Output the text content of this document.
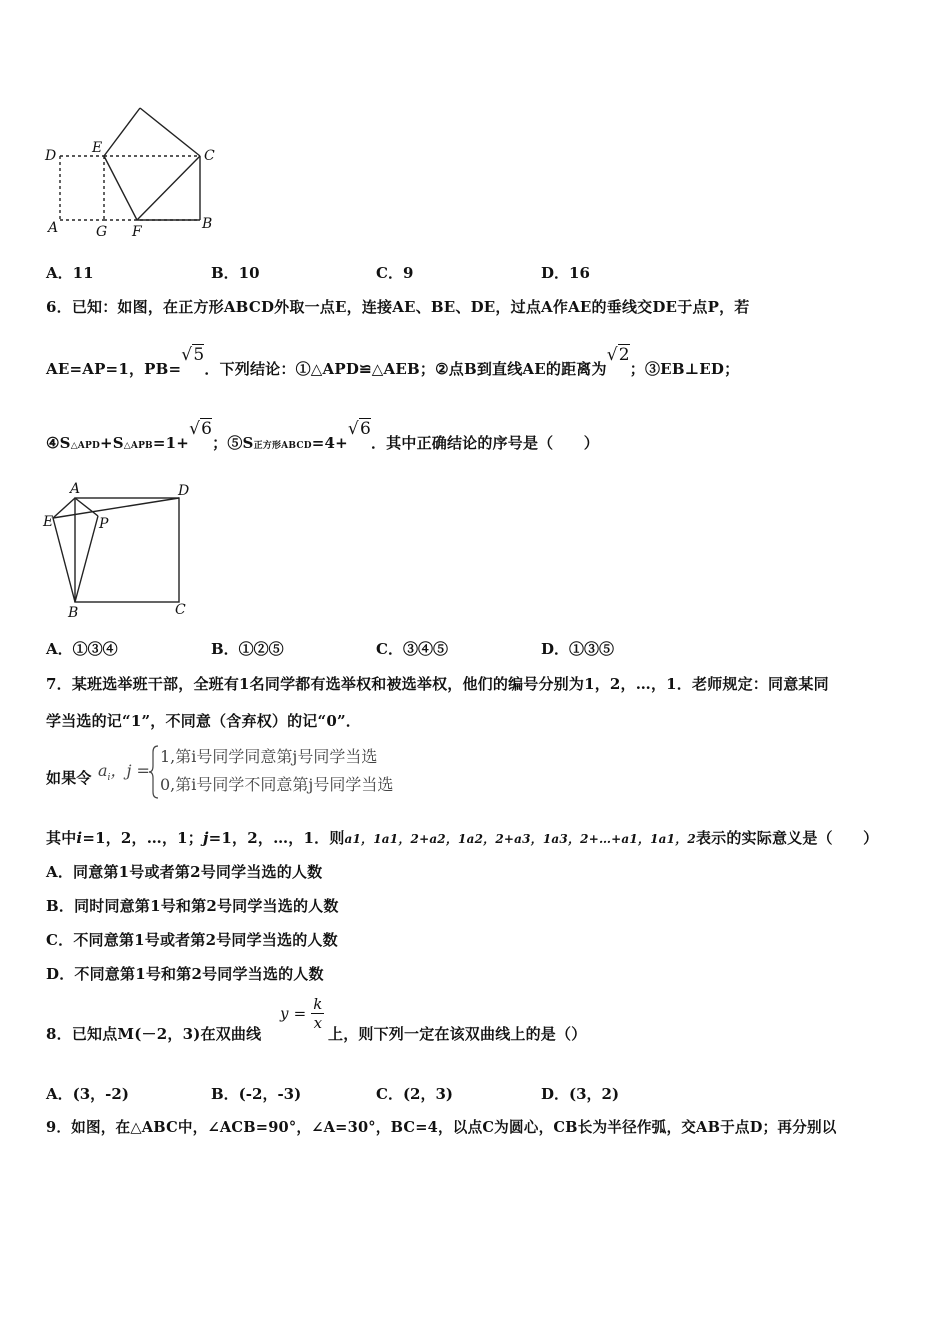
D	E	C
A	G F	B
A．11	B．10	C．9	D．16
6．已知：如图，在正方形ABCD外取一点E，连接AE、BE、DE，过点A作AE的垂线交DE于点P，若
AE=AP=1，PB=√5．下列结论：①△APD≌△AEB；②点B到直线AE的距离为√2；③EB⊥ED；
④S△APD+S△APB=1+√6；⑤S正方形ABCD=4+√6．其中正确结论的序号是（　　）
A	D
E	P
B	C
A．①③④	B．①②⑤	C．③④⑤	D．①③⑤
7．某班选举班干部，全班有1名同学都有选举权和被选举权，他们的编号分别为1，2，…，1．老师规定：同意某同
学当选的记“1”，不同意（含弃权）的记“0”．
如果令 $a_i$，j =
1,第i号同学同意第j号同学当选
0,第i号同学不同意第j号同学当选
其中i=1，2，…，1；j=1，2，…，1．则a1，1a1，2+a2，1a2，2+a3，1a3，2+…+a1，1a1，2表示的实际意义是（　　）
A．同意第1号或者第2号同学当选的人数
B．同时同意第1号和第2号同学当选的人数
C．不同意第1号或者第2号同学当选的人数
D．不同意第1号和第2号同学当选的人数
8．已知点M(－2，3)在双曲线
$y = \frac{k}{x}$
上，则下列一定在该双曲线上的是（）
A．(3，-2)	B．(-2，-3)	C．(2，3)	D．(3，2)
9．如图，在△ABC中，∠ACB=90°，∠A=30°，BC=4，以点C为圆心，CB长为半径作弧，交AB于点D；再分别以
